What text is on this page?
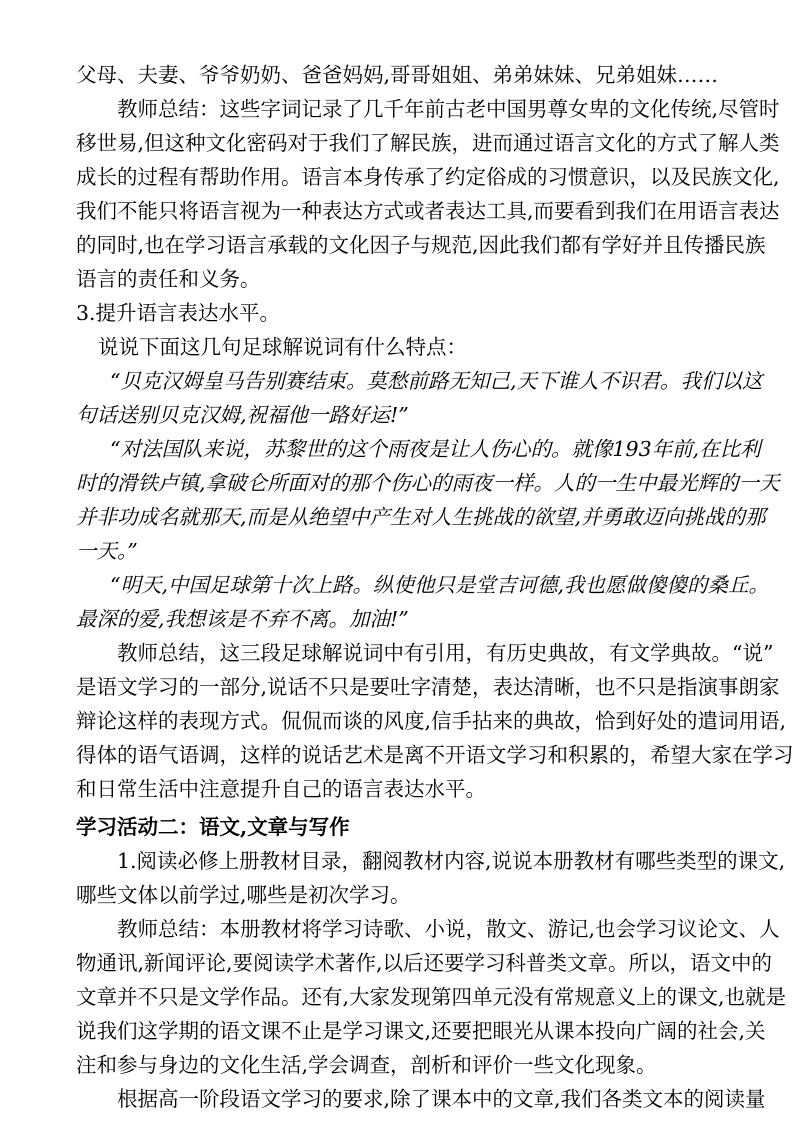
父母、夫妻、爷爷奶奶、爸爸妈妈,哥哥姐姐、弟弟妹妹、兄弟姐妹……
教师总结：这些字词记录了几千年前古老中国男尊女卑的文化传统,尽管时
移世易,但这种文化密码对于我们了解民族，进而通过语言文化的方式了解人类
成长的过程有帮助作用。语言本身传承了约定俗成的习惯意识，以及民族文化,
我们不能只将语言视为一种表达方式或者表达工具,而要看到我们在用语言表达
的同时,也在学习语言承载的文化因子与规范,因此我们都有学好并且传播民族
语言的责任和义务。
3.提升语言表达水平。
说说下面这几句足球解说词有什么特点：
“贝克汉姆皇马告别赛结束。莫愁前路无知己,天下谁人不识君。我们以这
句话送别贝克汉姆,祝福他一路好运!”
“对法国队来说，苏黎世的这个雨夜是让人伤心的。就像193年前,在比利
时的滑铁卢镇,拿破仑所面对的那个伤心的雨夜一样。人的一生中最光辉的一天
并非功成名就那天,而是从绝望中产生对人生挑战的欲望,并勇敢迈向挑战的那
一天。”
“明天,中国足球第十次上路。纵使他只是堂吉诃德,我也愿做傻傻的桑丘。
最深的爱,我想该是不弃不离。加油!”
教师总结，这三段足球解说词中有引用，有历史典故，有文学典故。“说”
是语文学习的一部分,说话不只是要吐字清楚，表达清晰，也不只是指演事朗家
辩论这样的表现方式。侃侃而谈的风度,信手拈来的典故，恰到好处的遣词用语,
得体的语气语调，这样的说话艺术是离不开语文学习和积累的，希望大家在学习
和日常生活中注意提升自己的语言表达水平。
学习活动二：语文,文章与写作
1.阅读必修上册教材目录，翻阅教材内容,说说本册教材有哪些类型的课文,
哪些文体以前学过,哪些是初次学习。
教师总结：本册教材将学习诗歌、小说，散文、游记,也会学习议论文、人
物通讯,新闻评论,要阅读学术著作,以后还要学习科普类文章。所以，语文中的
文章并不只是文学作品。还有,大家发现第四单元没有常规意义上的课文,也就是
说我们这学期的语文课不止是学习课文,还要把眼光从课本投向广阔的社会,关
注和参与身边的文化生活,学会调查，剖析和评价一些文化现象。
根据高一阶段语文学习的要求,除了课本中的文章,我们各类文本的阅读量
